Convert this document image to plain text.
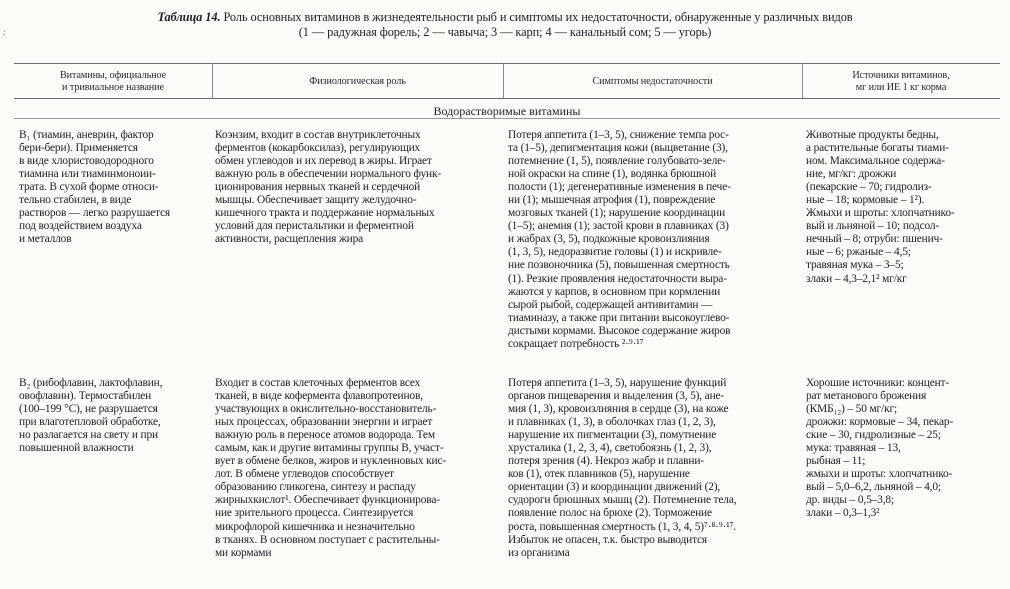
:
Таблица 14. Роль основных витаминов в жизнедеятельности рыб и симптомы их недостаточности, обнаруженные у различных видов
(1 — радужная форель; 2 — чавыча; 3 — карп; 4 — канальный сом; 5 — угорь)
Витамины, официальное
и тривиальное название
Физиологическая роль	Симптомы недостаточности
Источники витаминов,
мг или ИЕ 1 кг корма
Водорастворимые витамины
B₁ (тиамин, аневрин, фактор
бери-бери). Применяется
в виде хлористоводородного
тиамина или тиаминмоноии-
трата. В сухой форме относи-
тельно стабилен, в виде
растворов — легко разрушается
под воздействием воздуха
и металлов
Коэнзим, входит в состав внутриклеточных
ферментов (кокарбоксилаз), регулирующих
обмен углеводов и их перевод в жиры. Играет
важную роль в обеспечении нормального функ-
ционирования нервных тканей и сердечной
мышцы. Обеспечивает защиту желудочно-
кишечного тракта и поддержание нормальных
условий для перистальтики и ферментной
активности, расщепления жира
Потеря аппетита (1–3, 5), снижение темпа рос-
та (1–5), депигментация кожи (выцветание (3),
потемнение (1, 5), появление голубовато-зеле-
ной окраски на спине (1), водянка брюшной
полости (1); дегенеративные изменения в пече-
ни (1); мышечная атрофия (1), повреждение
мозговых тканей (1); нарушение координации
(1–5); анемия (1); застой крови в плавниках (3)
и жабрах (3, 5), подкожные кровоизлияния
(1, 3, 5), недоразвитие головы (1) и искривле-
ние позвоночника (5), повышенная смертность
(1). Резкие проявления недостаточности выра-
жаются у карпов, в основном при кормлении
сырой рыбой, содержащей антивитамин —
тиаминазу, а также при питании высокоуглево-
дистыми кормами. Высокое содержание жиров
сокращает потребность ²·⁹·¹⁷
Животные продукты бедны,
а растительные богаты тиами-
ном. Максимальное содержа-
ние, мг/кг: дрожжи
(пекарские – 70; гидролиз-
ные – 18; кормовые – 1²).
Жмыхи и шроты: хлопчатнико-
вый и льняной – 10; подсол-
нечный – 8; отруби: пшенич-
ные – 6; ржаные – 4,5;
травяная мука – 3–5;
злаки – 4,3–2,1² мг/кг
B₂ (рибофлавин, лактофлавин,
овофлавин). Термостабилен
(100–199 °C), не разрушается
при влаготепловой обработке,
но разлагается на свету и при
повышенной влажности
Входит в состав клеточных ферментов всех
тканей, в виде кофермента флавопротеинов,
участвующих в окислительно-восстановитель-
ных процессах, образовании энергии и играет
важную роль в переносе атомов водорода. Тем
самым, как и другие витамины группы B, участ-
вует в обмене белков, жиров и нуклеиновых кис-
лот. В обмене углеводов способствует
образованию гликогена, синтезу и распаду
жирныхкислот¹. Обеспечивает функционирова-
ние зрительного процесса. Синтезируется
микрофлорой кишечника и незначительно
в тканях. В основном поступает с растительны-
ми кормами
Потеря аппетита (1–3, 5), нарушение функций
органов пищеварения и выделения (3, 5), ане-
мия (1, 3), кровоизлияния в сердце (3), на коже
и плавниках (1, 3), в оболочках глаз (1, 2, 3),
нарушение их пигментации (3), помутнение
хрусталика (1, 2, 3, 4), светобоязнь (1, 2, 3),
потеря зрения (4). Некроз жабр и плавни-
ков (1), отек плавников (5), нарушение
ориентации (3) и координации движений (2),
судороги брюшных мышц (2). Потемнение тела,
появление полос на брюхе (2). Торможение
роста, повышенная смертность (1, 3, 4, 5)⁷·⁸·⁹·¹⁷.
Избыток не опасен, т.к. быстро выводится
из организма
Хорошие источники: концент-
рат метанового брожения
(КМБ₁₂) – 50 мг/кг;
дрожжи: кормовые – 34, пекар-
ские – 30, гидролизные – 25;
мука: травяная – 13,
рыбная – 11;
жмыхи и шроты: хлопчатнико-
вый – 5,0–6,2, льняной – 4,0;
др. виды – 0,5–3,8;
злаки – 0,3–1,3²
